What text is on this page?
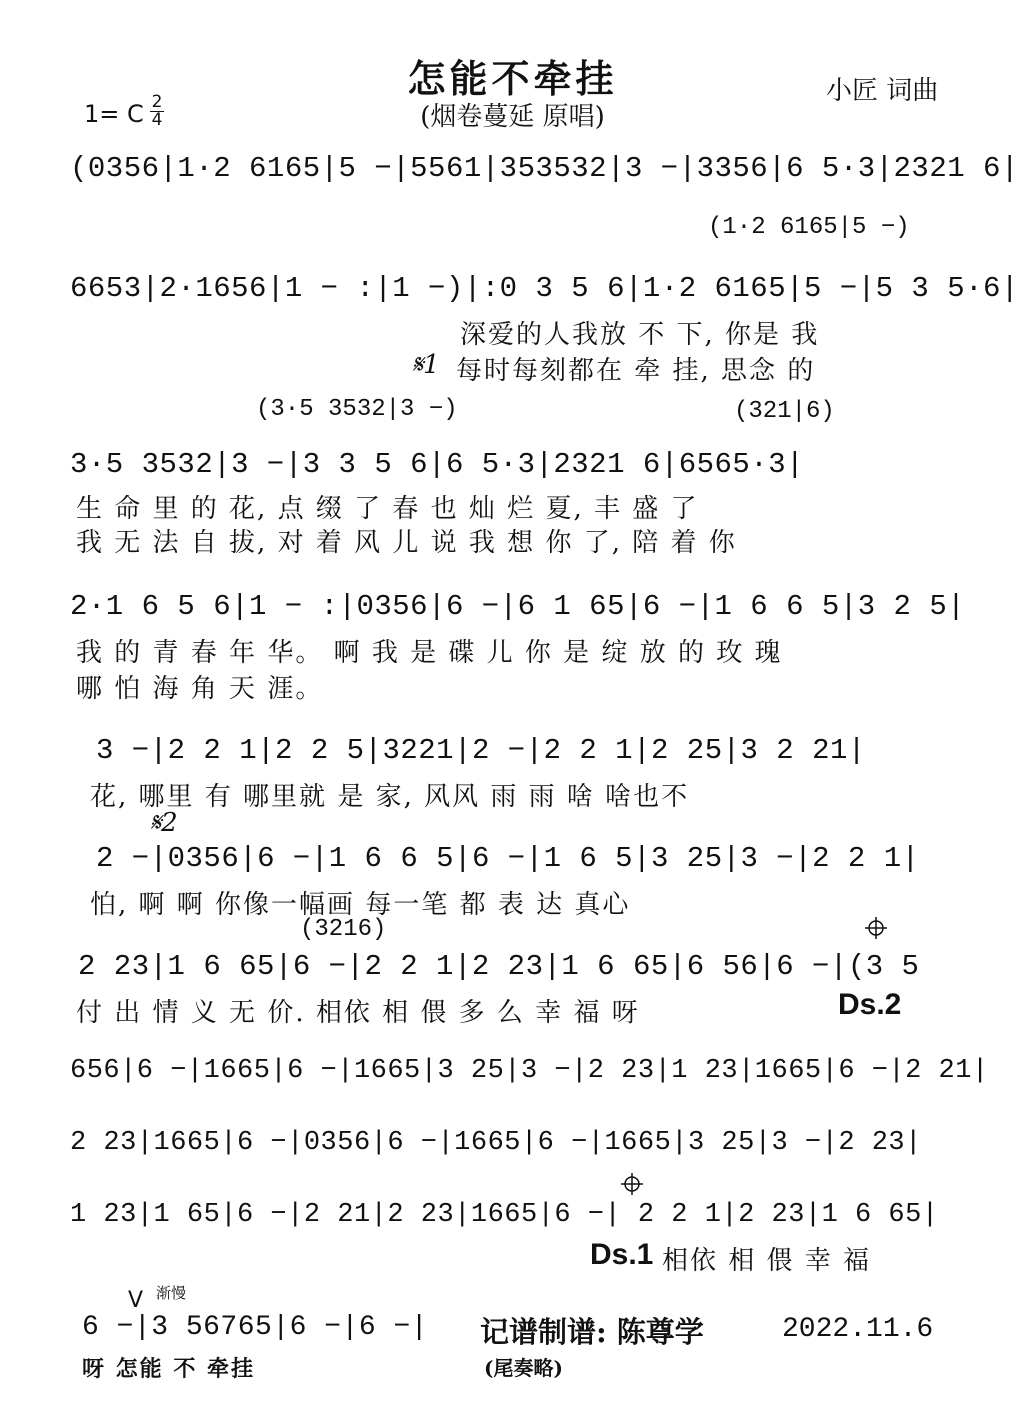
怎能不牵挂
(烟卷蔓延 原唱)
小匠 词曲
1= C 2
4
(0356|1·2 6165|5 −|5561|353532|3 −|3356|6 5·3|2321 6|
(1·2 6165|5 −)
6653|2·1656|1 − :|1 −)|:0 3 5 6|1·2 6165|5 −|5 3 5·6|
深爱的人我放 不 下, 你是 我
𝄋1 每时每刻都在 牵 挂, 思念 的
(3·5 3532|3 −)	(321|6)
3·5 3532|3 −|3 3 5 6|6 5·3|2321 6|6565·3|
生 命 里 的 花, 点 缀 了 春 也 灿 烂 夏, 丰 盛 了
我 无 法 自 拔, 对 着 风 儿 说 我 想 你 了, 陪 着 你
2·1 6 5 6|1 − :|0356|6 −|6 1 65|6 −|1 6 6 5|3 2 5|
我 的 青 春 年 华。 啊 我 是 碟 儿 你 是 绽 放 的 玫 瑰
哪 怕 海 角 天 涯。
3 −|2 2 1|2 2 5|3221|2 −|2 2 1|2 25|3 2 21|
花, 哪里 有 哪里就 是 家, 风风 雨 雨 啥 啥也不
𝄋2
2 −|0356|6 −|1 6 6 5|6 −|1 6 5|3 25|3 −|2 2 1|
怕, 啊 啊 你像一幅画 每一笔 都 表 达 真心
(3216)
2 23|1 6 65|6 −|2 2 1|2 23|1 6 65|6 56|6 −|(3 5
付 出 情 义 无 价. 相依 相 偎 多 么 幸 福 呀	Ds.2
656|6 −|1665|6 −|1665|3 25|3 −|2 23|1 23|1665|6 −|2 21|
2 23|1665|6 −|0356|6 −|1665|6 −|1665|3 25|3 −|2 23|
1 23|1 65|6 −|2 21|2 23|1665|6 −| 2 2 1|2 23|1 6 65|
Ds.1 相依 相 偎 幸 福
渐慢
V
6 −|3 56765|6 −|6 −|
呀 怎能 不 牵挂
记谱制谱: 陈尊学	2022.11.6
(尾奏略)
